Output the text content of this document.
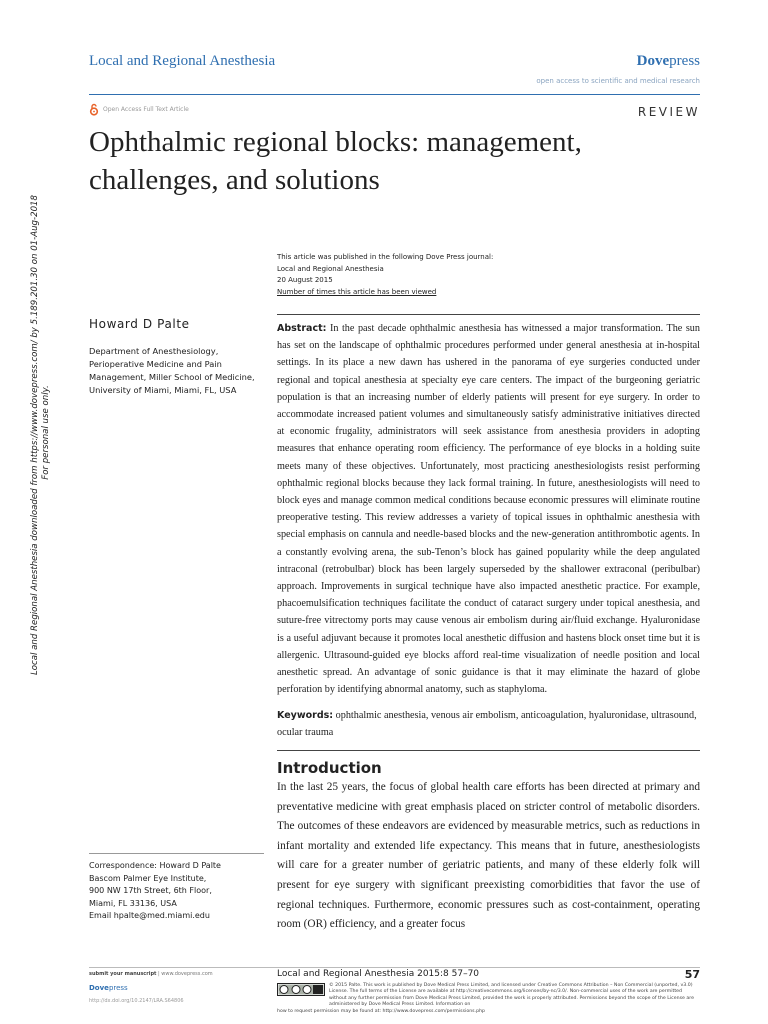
Local and Regional Anesthesia	Dovepress
open access to scientific and medical research
Open Access Full Text Article	REVIEW
Ophthalmic regional blocks: management, challenges, and solutions
Local and Regional Anesthesia downloaded from https://www.dovepress.com/ by 5.189.201.30 on 01-Aug-2018 For personal use only.
This article was published in the following Dove Press journal:
Local and Regional Anesthesia
20 August 2015
Number of times this article has been viewed
Howard D Palte
Department of Anesthesiology, Perioperative Medicine and Pain Management, Miller School of Medicine, University of Miami, Miami, FL, USA
Abstract: In the past decade ophthalmic anesthesia has witnessed a major transformation. The sun has set on the landscape of ophthalmic procedures performed under general anesthesia at in-hospital settings. In its place a new dawn has ushered in the panorama of eye surgeries conducted under regional and topical anesthesia at specialty eye care centers. The impact of the burgeoning geriatric population is that an increasing number of elderly patients will present for eye surgery. In order to accommodate increased patient volumes and simultaneously satisfy administrative initiatives directed at economic frugality, administrators will seek assistance from anesthesia providers in adopting measures that enhance operating room efficiency. The performance of eye blocks in a holding suite meets many of these objectives. Unfortunately, most practicing anesthesiologists resist performing ophthalmic regional blocks because they lack formal training. In future, anesthesiologists will need to block eyes and manage common medical conditions because economic pressures will eliminate routine preoperative testing. This review addresses a variety of topical issues in ophthalmic anesthesia with special emphasis on cannula and needle-based blocks and the new-generation antithrombotic agents. In a constantly evolving arena, the sub-Tenon’s block has gained popularity while the deep angulated intraconal (retrobulbar) block has been largely superseded by the shallower extraconal (peribulbar) approach. Improvements in surgical technique have also impacted anesthetic practice. For example, phacoemulsification techniques facilitate the conduct of cataract surgery under topical anesthesia, and suture-free vitrectomy ports may cause venous air embolism during air/fluid exchange. Hyaluronidase is a useful adjuvant because it promotes local anesthetic diffusion and hastens block onset time but it is allergenic. Ultrasound-guided eye blocks afford real-time visualization of needle position and local anesthetic spread. An advantage of sonic guidance is that it may eliminate the hazard of globe perforation by identifying abnormal anatomy, such as staphyloma.
Keywords: ophthalmic anesthesia, venous air embolism, anticoagulation, hyaluronidase, ultrasound, ocular trauma
Introduction
In the last 25 years, the focus of global health care efforts has been directed at primary and preventative medicine with great emphasis placed on stricter control of metabolic disorders. The outcomes of these endeavors are evidenced by measurable metrics, such as reductions in infant mortality and extended life expectancy. This means that in future, anesthesiologists will care for a greater number of geriatric patients, and many of these elderly folk will present for eye surgery with significant preexisting comorbidities that favor the use of regional techniques. Furthermore, economic pressures such as cost-containment, operating room (OR) efficiency, and a greater focus
Correspondence: Howard D Palte
Bascom Palmer Eye Institute,
900 NW 17th Street, 6th Floor,
Miami, FL 33136, USA
Email hpalte@med.miami.edu
submit your manuscript | www.dovepress.com
Dovepress
http://dx.doi.org/10.2147/LRA.S64806
Local and Regional Anesthesia 2015:8 57–70	57
© 2015 Palte. This work is published by Dove Medical Press Limited, and licensed under Creative Commons Attribution – Non Commercial (unported, v3.0) License. The full terms of the License are available at http://creativecommons.org/licenses/by-nc/3.0/. Non-commercial uses of the work are permitted without any further permission from Dove Medical Press Limited, provided the work is properly attributed. Permissions beyond the scope of the License are administered by Dove Medical Press Limited. Information on
how to request permission may be found at: http://www.dovepress.com/permissions.php
